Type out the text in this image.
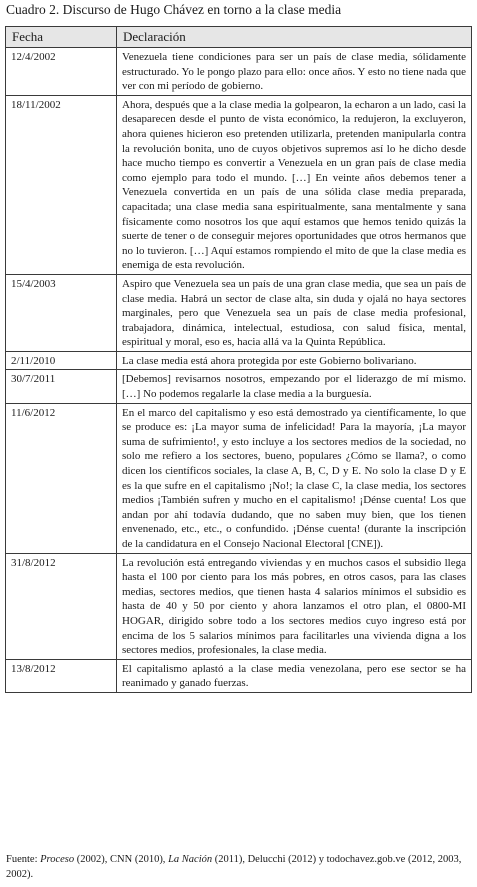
Cuadro 2. Discurso de Hugo Chávez en torno a la clase media
Fecha	Declaración
12/4/2002	Venezuela tiene condiciones para ser un país de clase media, sólidamente estructurado. Yo le pongo plazo para ello: once años. Y esto no tiene nada que ver con mi período de gobierno.
18/11/2002	Ahora, después que a la clase media la golpearon, la echaron a un lado, casi la desaparecen desde el punto de vista económico, la redujeron, la excluyeron, ahora quienes hicieron eso pretenden utilizarla, pretenden manipularla contra la revolución bonita, uno de cuyos objetivos supremos así lo he dicho desde hace mucho tiempo es convertir a Venezuela en un gran país de clase media como ejemplo para todo el mundo. […] En veinte años debemos tener a Venezuela convertida en un país de una sólida clase media preparada, capacitada; una clase media sana espiritualmente, sana mentalmente y sana físicamente como nosotros los que aquí estamos que hemos tenido quizás la suerte de tener o de conseguir mejores oportunidades que otros hermanos que no lo tuvieron. […] Aquí estamos rompiendo el mito de que la clase media es enemiga de esta revolución.
15/4/2003	Aspiro que Venezuela sea un país de una gran clase media, que sea un país de clase media. Habrá un sector de clase alta, sin duda y ojalá no haya sectores marginales, pero que Venezuela sea un país de clase media profesional, trabajadora, dinámica, intelectual, estudiosa, con salud física, mental, espiritual y moral, eso es, hacia allá va la Quinta República.
2/11/2010	La clase media está ahora protegida por este Gobierno bolivariano.
30/7/2011	[Debemos] revisarnos nosotros, empezando por el liderazgo de mí mismo. […] No podemos regalarle la clase media a la burguesía.
11/6/2012	En el marco del capitalismo y eso está demostrado ya científicamente, lo que se produce es: ¡La mayor suma de infelicidad! Para la mayoría, ¡La mayor suma de sufrimiento!, y esto incluye a los sectores medios de la sociedad, no solo me refiero a los sectores, bueno, populares ¿Cómo se llama?, o como dicen los científicos sociales, la clase A, B, C, D y E. No solo la clase D y E es la que sufre en el capitalismo ¡No!; la clase C, la clase media, los sectores medios ¡También sufren y mucho en el capitalismo! ¡Dénse cuenta! Los que andan por ahí todavía dudando, que no saben muy bien, que los tienen envenenado, etc., etc., o confundido. ¡Dénse cuenta! (durante la inscripción de la candidatura en el Consejo Nacional Electoral [CNE]).
31/8/2012	La revolución está entregando viviendas y en muchos casos el subsidio llega hasta el 100 por ciento para los más pobres, en otros casos, para las clases medias, sectores medios, que tienen hasta 4 salarios mínimos el subsidio es hasta de 40 y 50 por ciento y ahora lanzamos el otro plan, el 0800-MI HOGAR, dirigido sobre todo a los sectores medios cuyo ingreso está por encima de los 5 salarios mínimos para facilitarles una vivienda digna a los sectores medios, profesionales, la clase media.
13/8/2012	El capitalismo aplastó a la clase media venezolana, pero ese sector se ha reanimado y ganado fuerzas.
Fuente: Proceso (2002), CNN (2010), La Nación (2011), Delucchi (2012) y todochavez.gob.ve (2012, 2003, 2002).
